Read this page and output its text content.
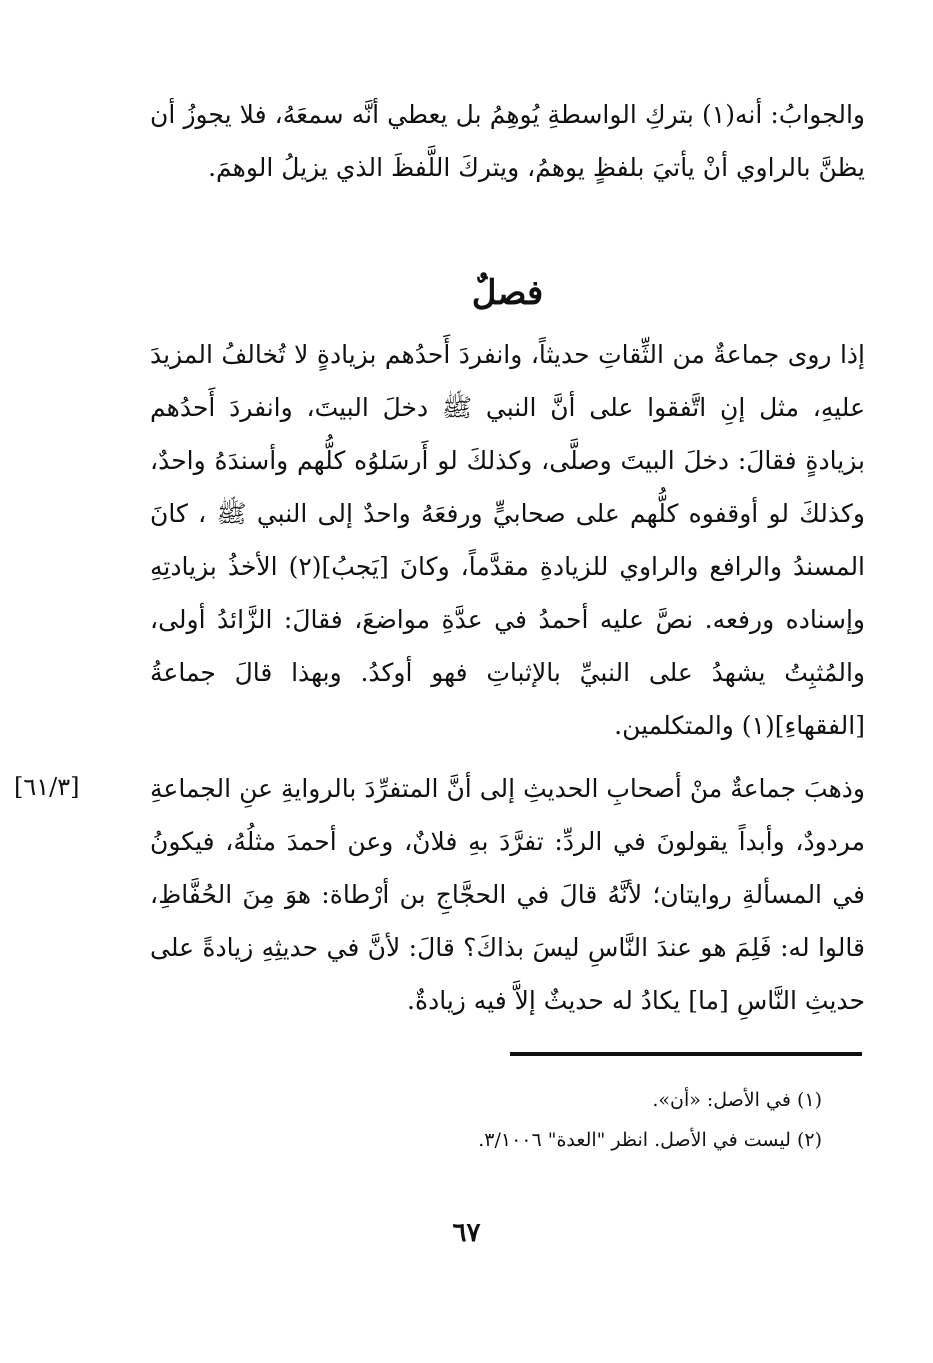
والجوابُ: أنه(١) بتركِ الواسطةِ يُوهِمُ بل يعطي أنَّه سمعَهُ، فلا يجوزُ أن يظنَّ بالراوي أنْ يأتيَ بلفظٍ يوهمُ، ويتركَ اللَّفظَ الذي يزيلُ الوهمَ.

فصلٌ

إذا روى جماعةٌ من الثِّقاتِ حديثاً، وانفردَ أَحدُهم بزيادةٍ لا تُخالفُ المزيدَ عليهِ، مثل إنِ اتَّفقوا على أنَّ النبي ﷺ دخلَ البيتَ، وانفردَ أَحدُهم بزيادةٍ فقالَ: دخلَ البيتَ وصلَّى، وكذلكَ لو أَرسَلوُه كلُّهم وأسندَهُ واحدٌ، وكذلكَ لو أوقفوه كلُّهم على صحابيٍّ ورفعَهُ واحدٌ إلى النبي ﷺ ، كانَ المسندُ والرافع والراوي للزيادةِ مقدَّماً، وكانَ [يَجبُ](٢) الأخذُ بزيادتِهِ وإسناده ورفعه. نصَّ عليه أحمدُ في عدَّةِ مواضعَ، فقالَ: الزَّائدُ أولى، والمُثبِتُ يشهدُ على النبيِّ بالإثباتِ فهو أوكدُ. وبهذا قالَ جماعةُ [الفقهاءِ](١) والمتكلمين.

وذهبَ جماعةٌ منْ أصحابِ الحديثِ إلى أنَّ المتفرِّدَ بالروايةِ عنِ الجماعةِ مردودٌ، وأبداً يقولونَ في الردِّ: تفرَّدَ بهِ فلانٌ، وعن أحمدَ مثلُهُ، فيكونُ في المسألةِ روايتان؛ لأنَّهُ قالَ في الحجَّاجِ بن أرْطاة: هوَ مِنَ الحُفَّاظِ، قالوا له: فَلِمَ هو عندَ النَّاسِ ليسَ بذاكَ؟ قالَ: لأنَّ في حديثِهِ زيادةً على حديثِ النَّاسِ [ما] يكادُ له حديثٌ إلاَّ فيه زيادةٌ.

[٦١/٣]

(١) في الأصل: «أن».

(٢) ليست في الأصل. انظر "العدة" ٣/١٠٠٦.

٦٧
